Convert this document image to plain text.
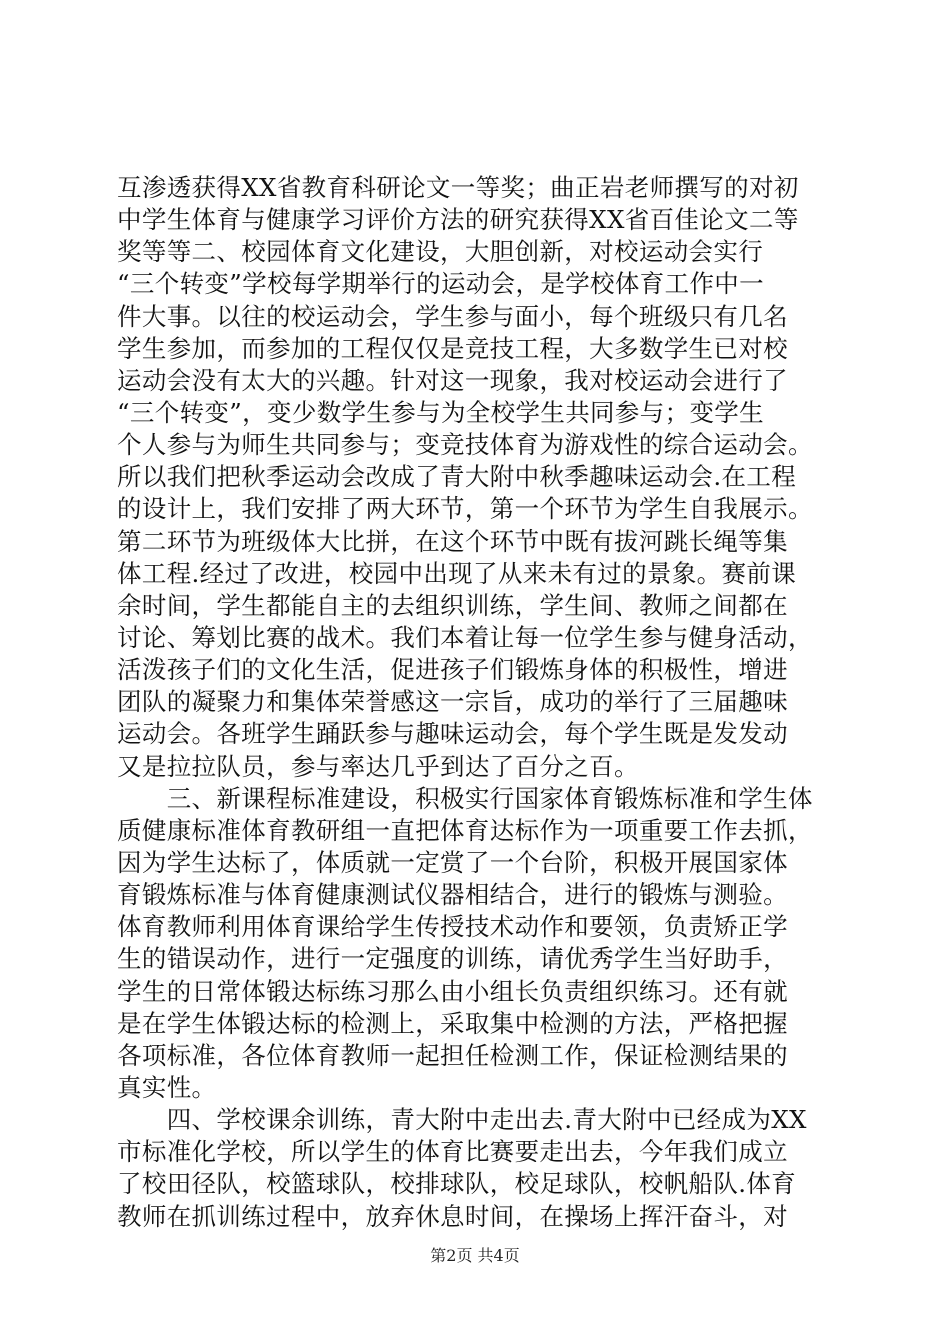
互渗透获得XX省教育科研论文一等奖；曲正岩老师撰写的对初
中学生体育与健康学习评价方法的研究获得XX省百佳论文二等
奖等等二、校园体育文化建设，大胆创新，对校运动会实行
“三个转变”学校每学期举行的运动会，是学校体育工作中一
件大事。以往的校运动会，学生参与面小，每个班级只有几名
学生参加，而参加的工程仅仅是竞技工程，大多数学生已对校
运动会没有太大的兴趣。针对这一现象，我对校运动会进行了
“三个转变”，变少数学生参与为全校学生共同参与；变学生
个人参与为师生共同参与；变竞技体育为游戏性的综合运动会。
所以我们把秋季运动会改成了青大附中秋季趣味运动会.在工程
的设计上，我们安排了两大环节，第一个环节为学生自我展示。
第二环节为班级体大比拼，在这个环节中既有拔河跳长绳等集
体工程.经过了改进，校园中出现了从来未有过的景象。赛前课
余时间，学生都能自主的去组织训练，学生间、教师之间都在
讨论、筹划比赛的战术。我们本着让每一位学生参与健身活动，
活泼孩子们的文化生活，促进孩子们锻炼身体的积极性，增进
团队的凝聚力和集体荣誉感这一宗旨，成功的举行了三届趣味
运动会。各班学生踊跃参与趣味运动会，每个学生既是发发动
又是拉拉队员，参与率达几乎到达了百分之百。
　　三、新课程标准建设，积极实行国家体育锻炼标准和学生体
质健康标准体育教研组一直把体育达标作为一项重要工作去抓，
因为学生达标了，体质就一定赏了一个台阶，积极开展国家体
育锻炼标准与体育健康测试仪器相结合，进行的锻炼与测验。
体育教师利用体育课给学生传授技术动作和要领，负责矫正学
生的错误动作，进行一定强度的训练，请优秀学生当好助手，
学生的日常体锻达标练习那么由小组长负责组织练习。还有就
是在学生体锻达标的检测上，采取集中检测的方法，严格把握
各项标准，各位体育教师一起担任检测工作，保证检测结果的
真实性。
　　四、学校课余训练，青大附中走出去.青大附中已经成为XX
市标准化学校，所以学生的体育比赛要走出去，今年我们成立
了校田径队，校篮球队，校排球队，校足球队，校帆船队.体育
教师在抓训练过程中，放弃休息时间，在操场上挥汗奋斗，对
第2页 共4页
